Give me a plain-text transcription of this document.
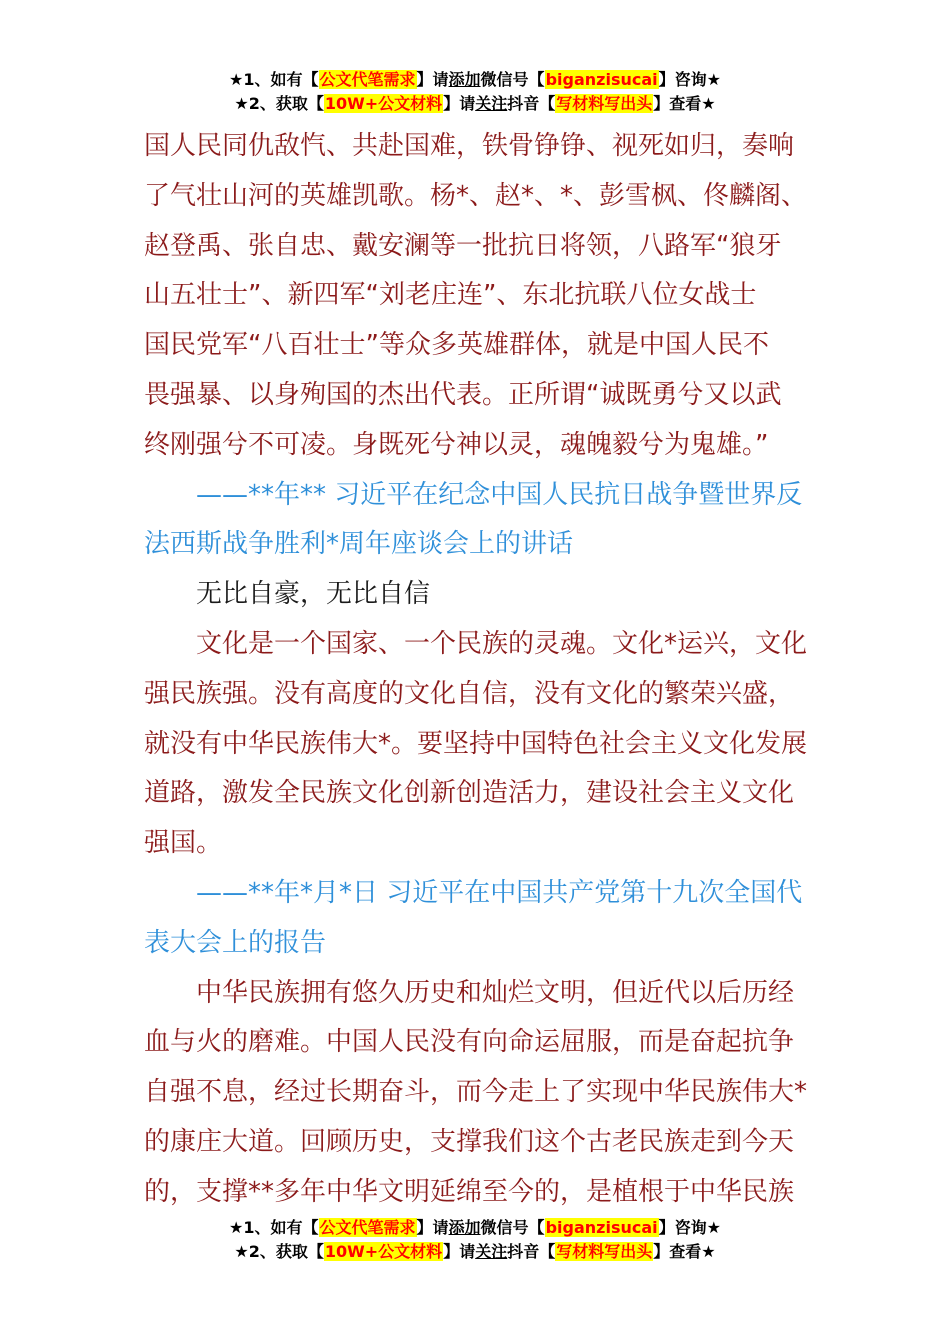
★1、如有【公文代笔需求】请添加微信号【biganzisucai】咨询★
★2、获取【10W+公文材料】请关注抖音【写材料写出头】查看★

国人民同仇敌忾、共赴国难，铁骨铮铮、视死如归，奏响

了气壮山河的英雄凯歌。杨*、赵*、*、彭雪枫、佟麟阁、

赵登禹、张自忠、戴安澜等一批抗日将领，八路军“狼牙

山五壮士”、新四军“刘老庄连”、东北抗联八位女战士

国民党军“八百壮士”等众多英雄群体，就是中国人民不

畏强暴、以身殉国的杰出代表。正所谓“诚既勇兮又以武

终刚强兮不可凌。身既死兮神以灵，魂魄毅兮为鬼雄。”

——**年** 习近平在纪念中国人民抗日战争暨世界反

法西斯战争胜利*周年座谈会上的讲话

无比自豪，无比自信

文化是一个国家、一个民族的灵魂。文化*运兴，文化

强民族强。没有高度的文化自信，没有文化的繁荣兴盛，

就没有中华民族伟大*。要坚持中国特色社会主义文化发展

道路，激发全民族文化创新创造活力，建设社会主义文化

强国。

——**年*月*日 习近平在中国共产党第十九次全国代

表大会上的报告

中华民族拥有悠久历史和灿烂文明，但近代以后历经

血与火的磨难。中国人民没有向命运屈服，而是奋起抗争

自强不息，经过长期奋斗，而今走上了实现中华民族伟大*

的康庄大道。回顾历史，支撑我们这个古老民族走到今天

的，支撑**多年中华文明延绵至今的，是植根于中华民族

★1、如有【公文代笔需求】请添加微信号【biganzisucai】咨询★
★2、获取【10W+公文材料】请关注抖音【写材料写出头】查看★
